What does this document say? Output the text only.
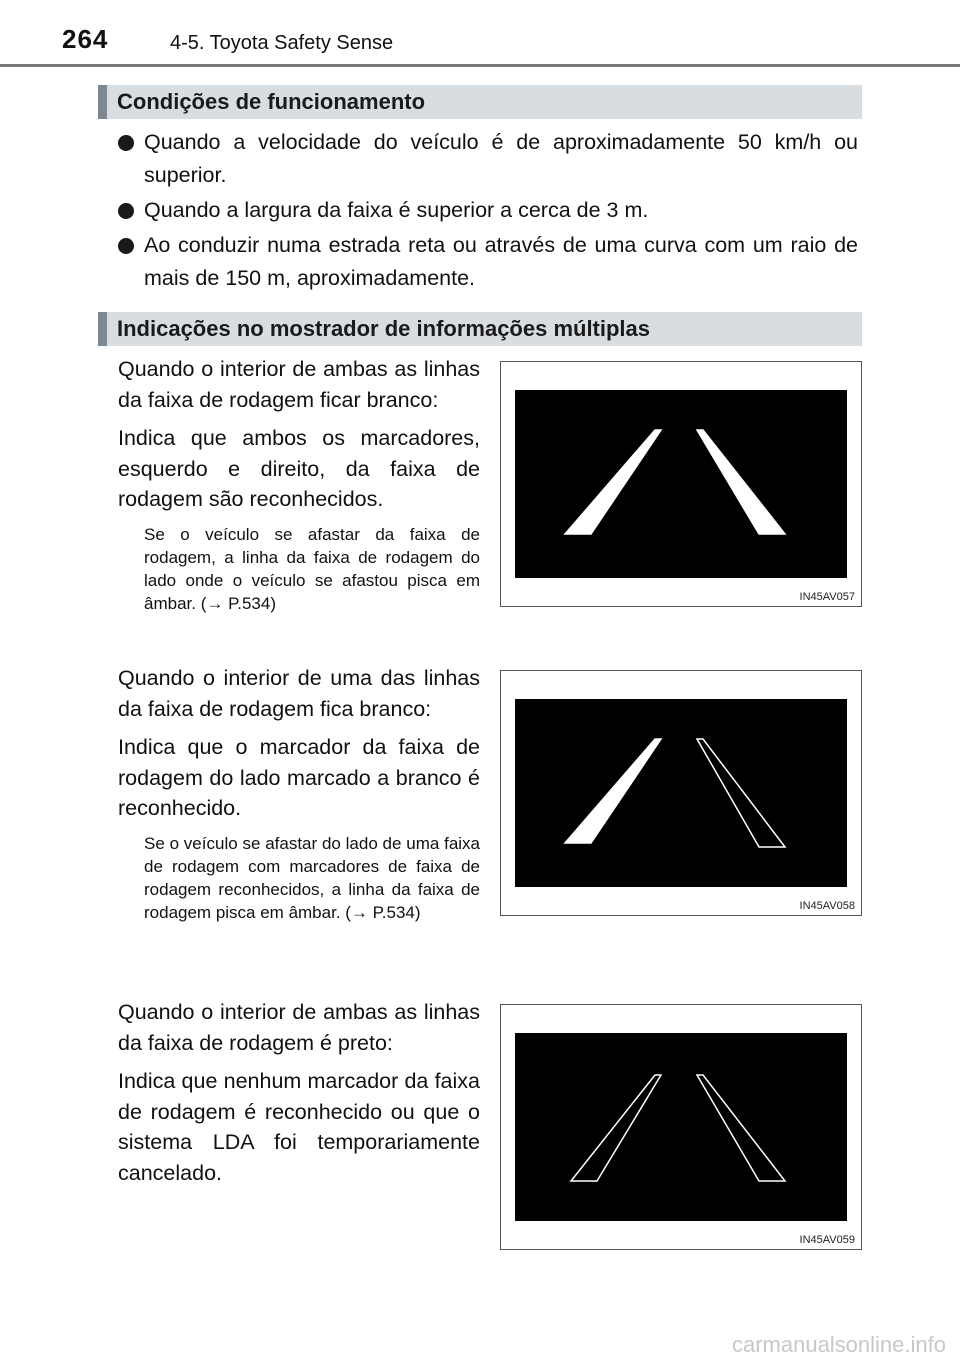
264	4-5. Toyota Safety Sense
Condições de funcionamento
Quando a velocidade do veículo é de aproximadamente 50 km/h ou superior.
Quando a largura da faixa é superior a cerca de 3 m.
Ao conduzir numa estrada reta ou através de uma curva com um raio de mais de 150 m, aproximadamente.
Indicações no mostrador de informações múltiplas

Quando o interior de ambas as linhas da faixa de rodagem ficar branco:

Indica que ambos os marcadores, esquerdo e direito, da faixa de rodagem são reconhecidos.

Se o veículo se afastar da faixa de rodagem, a linha da faixa de rodagem do lado onde o veículo se afastou pisca em âmbar. (→ P.534)	IN45AV057

Quando o interior de uma das linhas da faixa de rodagem fica branco:

Indica que o marcador da faixa de rodagem do lado marcado a branco é reconhecido.

Se o veículo se afastar do lado de uma faixa de rodagem com marcadores de faixa de rodagem reconhecidos, a linha da faixa de rodagem pisca em âmbar. (→ P.534)	IN45AV058

Quando o interior de ambas as linhas da faixa de rodagem é preto:

Indica que nenhum marcador da faixa de rodagem é reconhecido ou que o sistema LDA foi temporariamente cancelado.

IN45AV059
carmanualsonline.info
